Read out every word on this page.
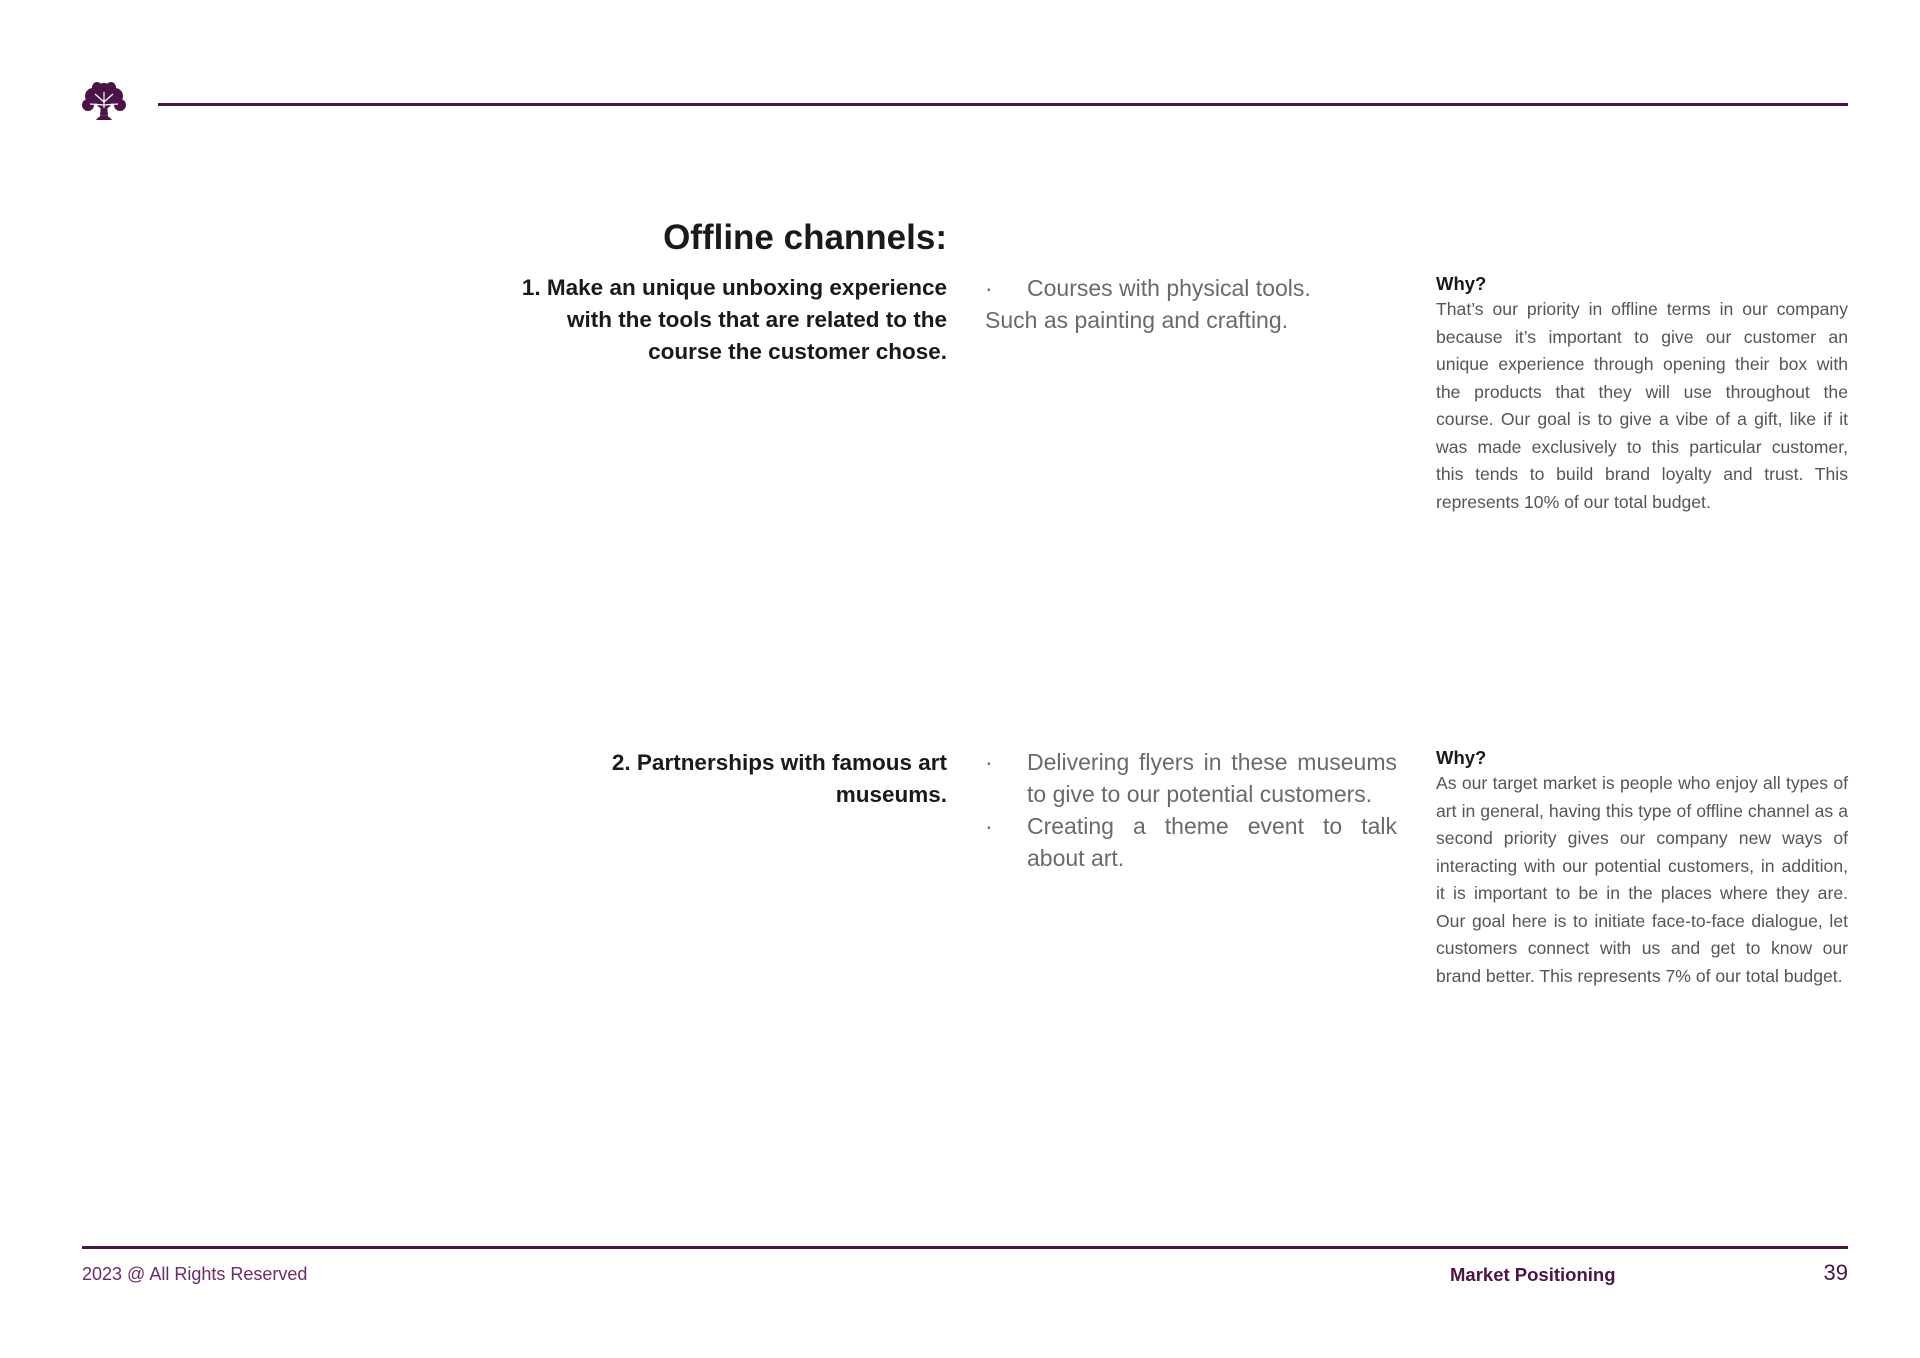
Offline channels:
1. Make an unique unboxing experience with the tools that are related to the course the customer chose.
· Courses with physical tools.
Such as painting and crafting.
Why?
That’s our priority in offline terms in our company because it’s important to give our customer an unique experience through opening their box with the products that they will use throughout the course. Our goal is to give a vibe of a gift, like if it was made exclusively to this particular customer, this tends to build brand loyalty and trust. This represents 10% of our total budget.
2. Partnerships with famous art museums.
· Delivering flyers in these museums to give to our potential customers.
· Creating a theme event to talk about art.
Why?
As our target market is people who enjoy all types of art in general, having this type of offline channel as a second priority gives our company new ways of interacting with our potential customers, in addition, it is important to be in the places where they are. Our goal here is to initiate face-to-face dialogue, let customers connect with us and get to know our brand better. This represents 7% of our total budget.
2023 @ All Rights Reserved	Market Positioning	39
